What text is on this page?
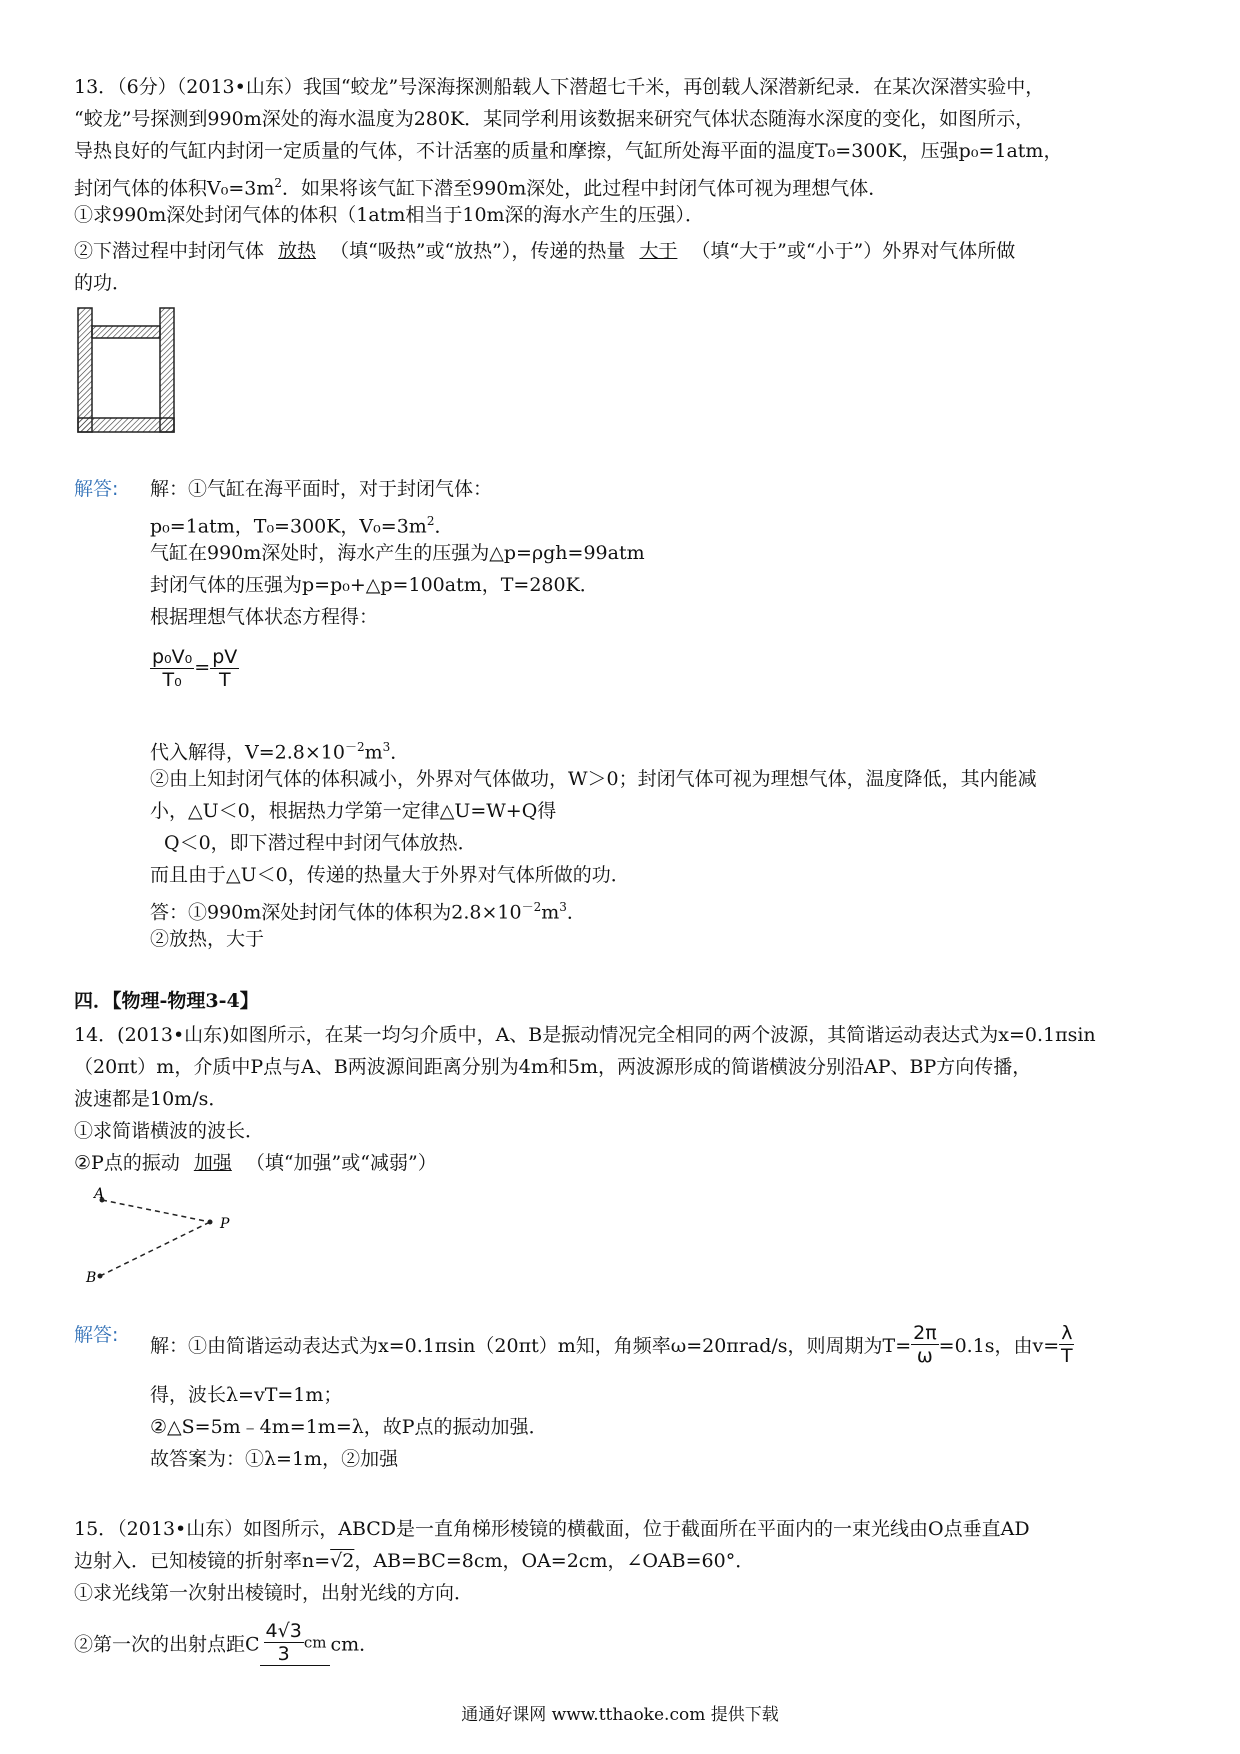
13．（6分）（2013•山东）我国“蛟龙”号深海探测船载人下潜超七千米，再创载人深潜新纪录．在某次深潜实验中，
“蛟龙”号探测到990m深处的海水温度为280K．某同学利用该数据来研究气体状态随海水深度的变化，如图所示，
导热良好的气缸内封闭一定质量的气体，不计活塞的质量和摩擦，气缸所处海平面的温度T₀=300K，压强p₀=1atm，
封闭气体的体积$V_0=3m^2$．如果将该气缸下潜至990m深处，此过程中封闭气体可视为理想气体．
①求990m深处封闭气体的体积（1atm相当于10m深的海水产生的压强）．
②下潜过程中封闭气体 放热 （填“吸热”或“放热”），传递的热量 大于 （填“大于”或“小于”）外界对气体所做
的功．
解答: 解：①气缸在海平面时，对于封闭气体：
p₀=1atm，T₀=300K，$V_0=3m^2$．
气缸在990m深处时，海水产生的压强为△p=ρgh=99atm
封闭气体的压强为p=p₀+△p=100atm，T=280K．
根据理想气体状态方程得：
$\frac{\text{p₀V₀}}{\text{T₀}} = \frac{pV}{T}$
代入解得，$V=2.8\times 10^{-2}m^3$．
②由上知封闭气体的体积减小，外界对气体做功，W＞0；封闭气体可视为理想气体，温度降低，其内能减
小，△U＜0，根据热力学第一定律△U=W+Q得
Q＜0，即下潜过程中封闭气体放热．
而且由于△U＜0，传递的热量大于外界对气体所做的功．
答：①990m深处封闭气体的体积为$2.8\times 10^{-2}m^3$．
②放热，大于
四．【物理-物理3-4】
14．(2013•山东)如图所示，在某一均匀介质中，A、B是振动情况完全相同的两个波源，其简谐运动表达式为x=0.1πsin
（20πt）m，介质中P点与A、B两波源间距离分别为4m和5m，两波源形成的简谐横波分别沿AP、BP方向传播，
波速都是10m/s．
①求简谐横波的波长．
②P点的振动 加强 （填“加强”或“减弱”）
A
B
P
解答: 解：①由简谐运动表达式为x=0.1πsin（20πt）m知，角频率ω=20πrad/s，则周期为$T= \frac{2\pi}{\omega} =0.1s$，由$v= \frac{\lambda}{T}$
得，波长λ=vT=1m；
②△S=5m﹣4m=1m=λ，故P点的振动加强．
故答案为：①λ=1m，②加强
15．（2013•山东）如图所示，ABCD是一直角梯形棱镜的横截面，位于截面所在平面内的一束光线由O点垂直AD
边射入．已知棱镜的折射率n=√2，AB=BC=8cm，OA=2cm，∠OAB=60°．
①求光线第一次射出棱镜时，出射光线的方向．
②第一次的出射点距C $\frac{4√3}{3}$ cm cm．
通通好课网 www.tthaoke.com 提供下载
